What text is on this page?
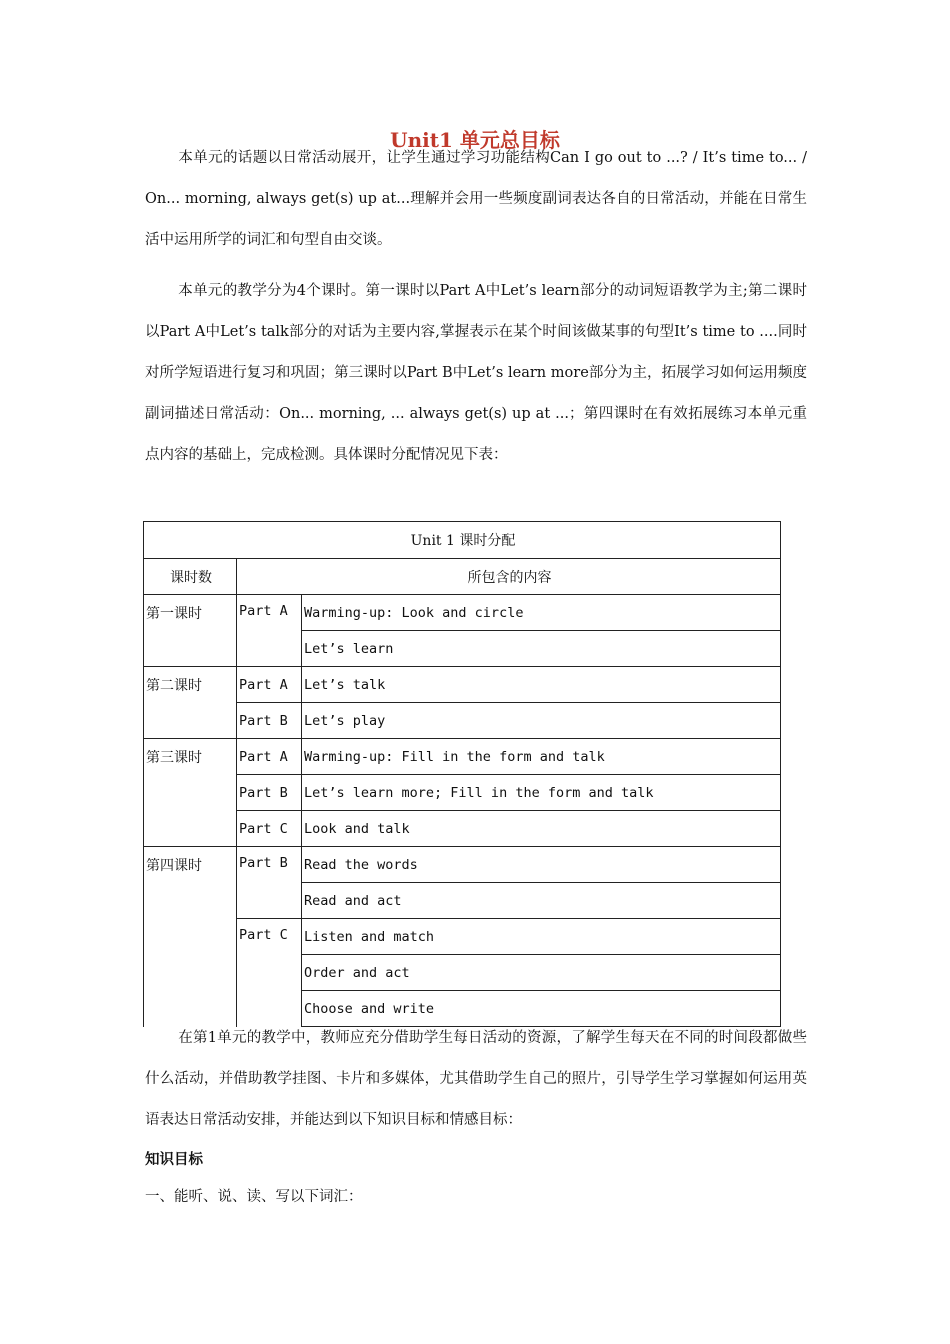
Unit1 单元总目标
本单元的话题以日常活动展开，让学生通过学习功能结构Can I go out to ...? / It’s time to... / On... morning, always get(s) up at...理解并会用一些频度副词表达各自的日常活动，并能在日常生活中运用所学的词汇和句型自由交谈。
本单元的教学分为4个课时。第一课时以Part A中Let’s learn部分的动词短语教学为主;第二课时以Part A中Let’s talk部分的对话为主要内容,掌握表示在某个时间该做某事的句型It’s time to ....同时对所学短语进行复习和巩固；第三课时以Part B中Let’s learn more部分为主，拓展学习如何运用频度副词描述日常活动：On... morning, ... always get(s) up at ...；第四课时在有效拓展练习本单元重点内容的基础上，完成检测。具体课时分配情况见下表：
Unit 1 课时分配		
课时数	所包含的内容	
第一课时	Part A	Warming-up: Look and circle
		Let’s learn
第二课时	Part A	Let’s talk
	Part B	Let’s play
第三课时	Part A	Warming-up: Fill in the form and talk
	Part B	Let’s learn more; Fill in the form and talk
	Part C	Look and talk
第四课时	Part B	Read the words
		Read and act
	Part C	Listen and match
		Order and act
		Choose and write
在第1单元的教学中，教师应充分借助学生每日活动的资源，了解学生每天在不同的时间段都做些什么活动，并借助教学挂图、卡片和多媒体，尤其借助学生自己的照片，引导学生学习掌握如何运用英语表达日常活动安排，并能达到以下知识目标和情感目标：
知识目标
一、能听、说、读、写以下词汇：
